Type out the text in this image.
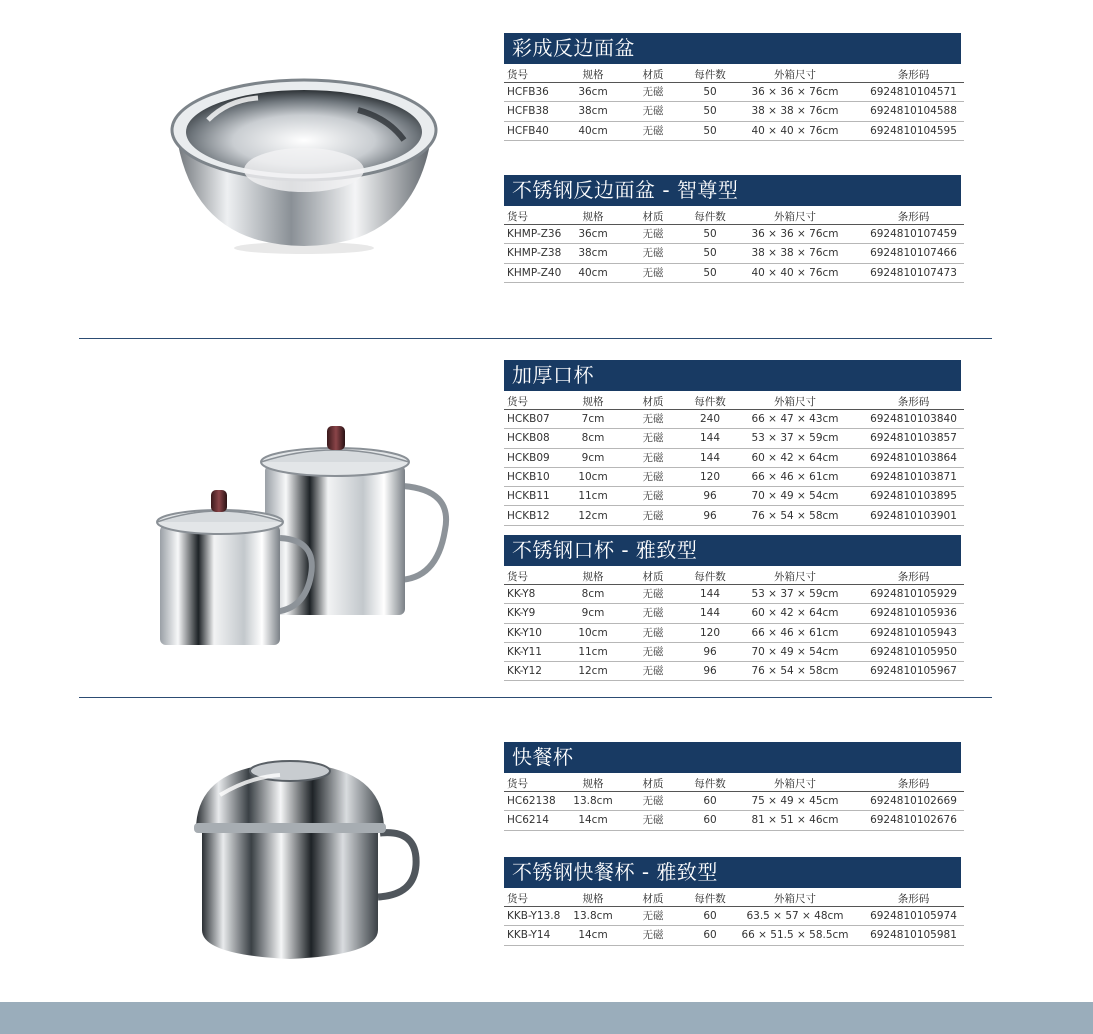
彩成反边面盆
货号	规格	材质	每件数	外箱尺寸	条形码
HCFB36	36cm	无磁	50	36 × 36 × 76cm	6924810104571
HCFB38	38cm	无磁	50	38 × 38 × 76cm	6924810104588
HCFB40	40cm	无磁	50	40 × 40 × 76cm	6924810104595
不锈钢反边面盆 - 智尊型
货号	规格	材质	每件数	外箱尺寸	条形码
KHMP-Z36	36cm	无磁	50	36 × 36 × 76cm	6924810107459
KHMP-Z38	38cm	无磁	50	38 × 38 × 76cm	6924810107466
KHMP-Z40	40cm	无磁	50	40 × 40 × 76cm	6924810107473
加厚口杯
货号	规格	材质	每件数	外箱尺寸	条形码
HCKB07	7cm	无磁	240	66 × 47 × 43cm	6924810103840
HCKB08	8cm	无磁	144	53 × 37 × 59cm	6924810103857
HCKB09	9cm	无磁	144	60 × 42 × 64cm	6924810103864
HCKB10	10cm	无磁	120	66 × 46 × 61cm	6924810103871
HCKB11	11cm	无磁	96	70 × 49 × 54cm	6924810103895
HCKB12	12cm	无磁	96	76 × 54 × 58cm	6924810103901
不锈钢口杯 - 雅致型
货号	规格	材质	每件数	外箱尺寸	条形码
KK-Y8	8cm	无磁	144	53 × 37 × 59cm	6924810105929
KK-Y9	9cm	无磁	144	60 × 42 × 64cm	6924810105936
KK-Y10	10cm	无磁	120	66 × 46 × 61cm	6924810105943
KK-Y11	11cm	无磁	96	70 × 49 × 54cm	6924810105950
KK-Y12	12cm	无磁	96	76 × 54 × 58cm	6924810105967
快餐杯
货号	规格	材质	每件数	外箱尺寸	条形码
HC62138	13.8cm	无磁	60	75 × 49 × 45cm	6924810102669
HC6214	14cm	无磁	60	81 × 51 × 46cm	6924810102676
不锈钢快餐杯 - 雅致型
货号	规格	材质	每件数	外箱尺寸	条形码
KKB-Y13.8	13.8cm	无磁	60	63.5 × 57 × 48cm	6924810105974
KKB-Y14	14cm	无磁	60	66 × 51.5 × 58.5cm	6924810105981
